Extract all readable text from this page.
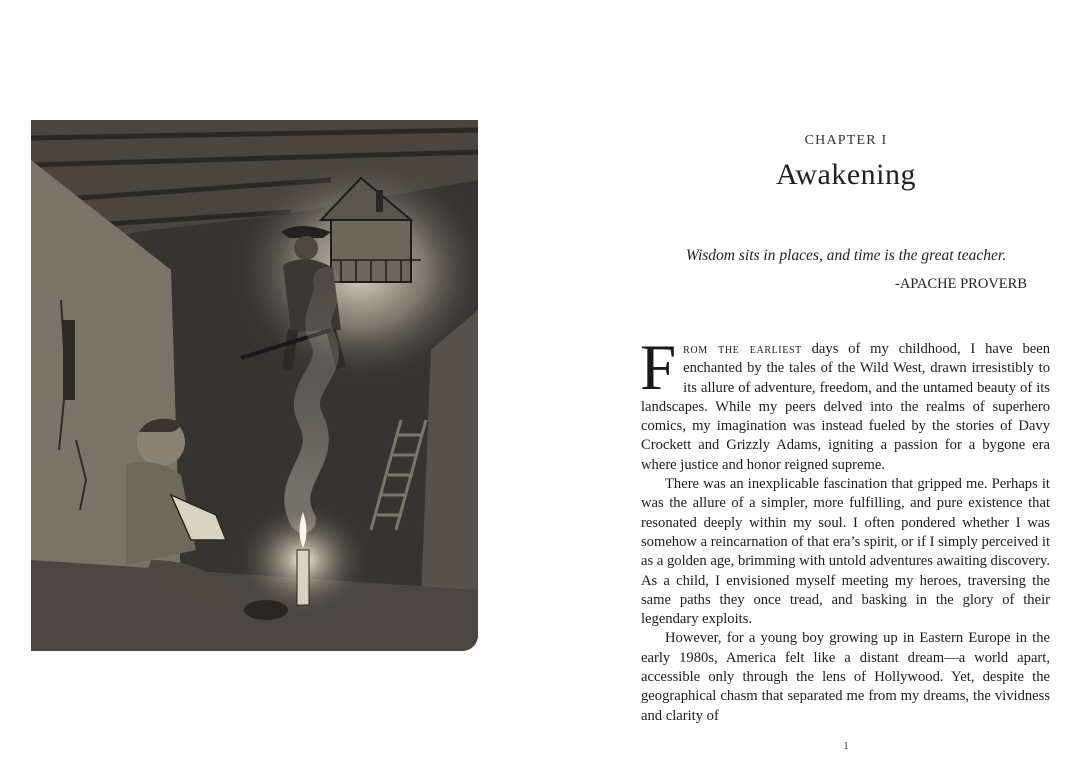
CHAPTER I
Awakening
Wisdom sits in places, and time is the great teacher.
-APACHE PROVERB

From the earliest days of my childhood, I have been enchanted by the tales of the Wild West, drawn irresistibly to its allure of adventure, freedom, and the untamed beauty of its landscapes. While my peers delved into the realms of superhero comics, my imagination was instead fueled by the stories of Davy Crockett and Grizzly Adams, igniting a passion for a bygone era where justice and honor reigned supreme.

There was an inexplicable fascination that gripped me. Perhaps it was the allure of a simpler, more fulfilling, and pure existence that resonated deeply within my soul. I often pondered whether I was somehow a reincarnation of that era’s spirit, or if I simply perceived it as a golden age, brimming with untold adventures awaiting discovery. As a child, I envisioned myself meeting my heroes, traversing the same paths they once tread, and basking in the glory of their legendary exploits.

However, for a young boy growing up in Eastern Europe in the early 1980s, America felt like a distant dream—a world apart, accessible only through the lens of Hollywood. Yet, despite the geographical chasm that separated me from my dreams, the vividness and clarity of

1
